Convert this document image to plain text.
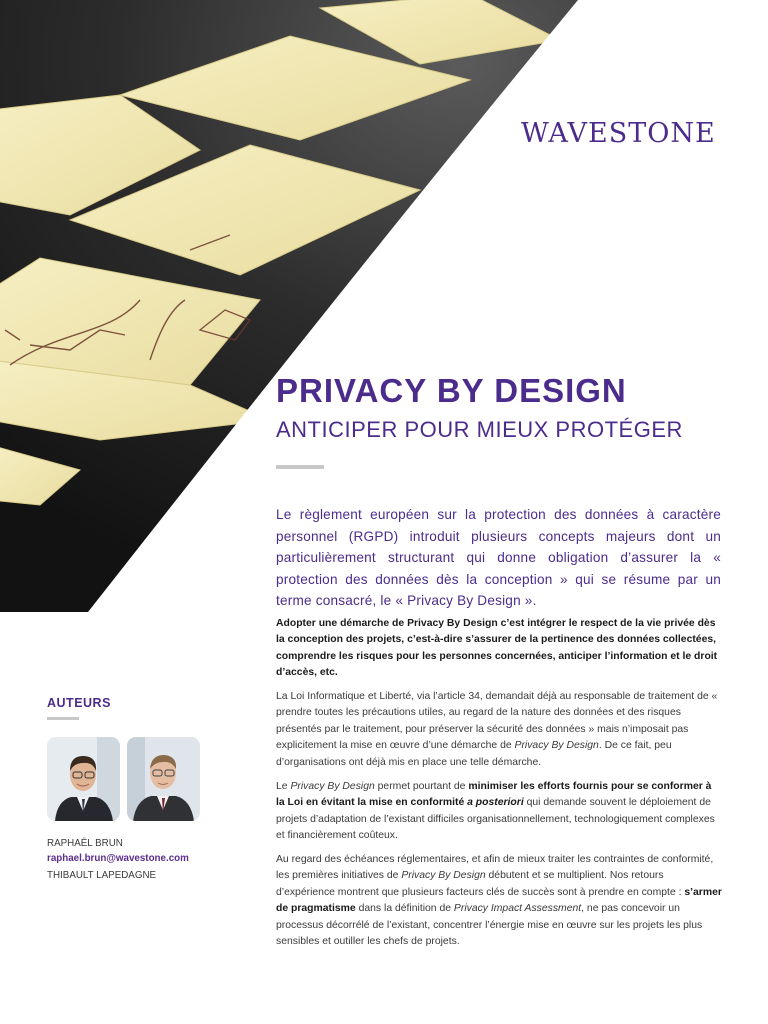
WAVESTONE
PRIVACY BY DESIGN
ANTICIPER POUR MIEUX PROTÉGER

Le règlement européen sur la protection des données à caractère personnel (RGPD) introduit plusieurs concepts majeurs dont un particulièrement structurant qui donne obligation d’assurer la « protection des données dès la conception » qui se résume par un terme consacré, le « Privacy By Design ».

Adopter une démarche de Privacy By Design c’est intégrer le respect de la vie privée dès la conception des projets, c’est-à-dire s’assurer de la pertinence des données collectées, comprendre les risques pour les personnes concernées, anticiper l’information et le droit d’accès, etc.

La Loi Informatique et Liberté, via l’article 34, demandait déjà au responsable de traitement de « prendre toutes les précautions utiles, au regard de la nature des données et des risques présentés par le traitement, pour préserver la sécurité des données » mais n’imposait pas explicitement la mise en œuvre d’une démarche de Privacy By Design. De ce fait, peu d’organisations ont déjà mis en place une telle démarche.

Le Privacy By Design permet pourtant de minimiser les efforts fournis pour se conformer à la Loi en évitant la mise en conformité a posteriori qui demande souvent le déploiement de projets d’adaptation de l’existant difficiles organisationnellement, technologiquement complexes et financièrement coûteux.

Au regard des échéances réglementaires, et afin de mieux traiter les contraintes de conformité, les premières initiatives de Privacy By Design débutent et se multiplient. Nos retours d’expérience montrent que plusieurs facteurs clés de succès sont à prendre en compte : s’armer de pragmatisme dans la définition de Privacy Impact Assessment, ne pas concevoir un processus décorrélé de l’existant, concentrer l’énergie mise en œuvre sur les projets les plus sensibles et outiller les chefs de projets.

AUTEURS

RAPHAËL BRUN

raphael.brun@wavestone.com

THIBAULT LAPEDAGNE
